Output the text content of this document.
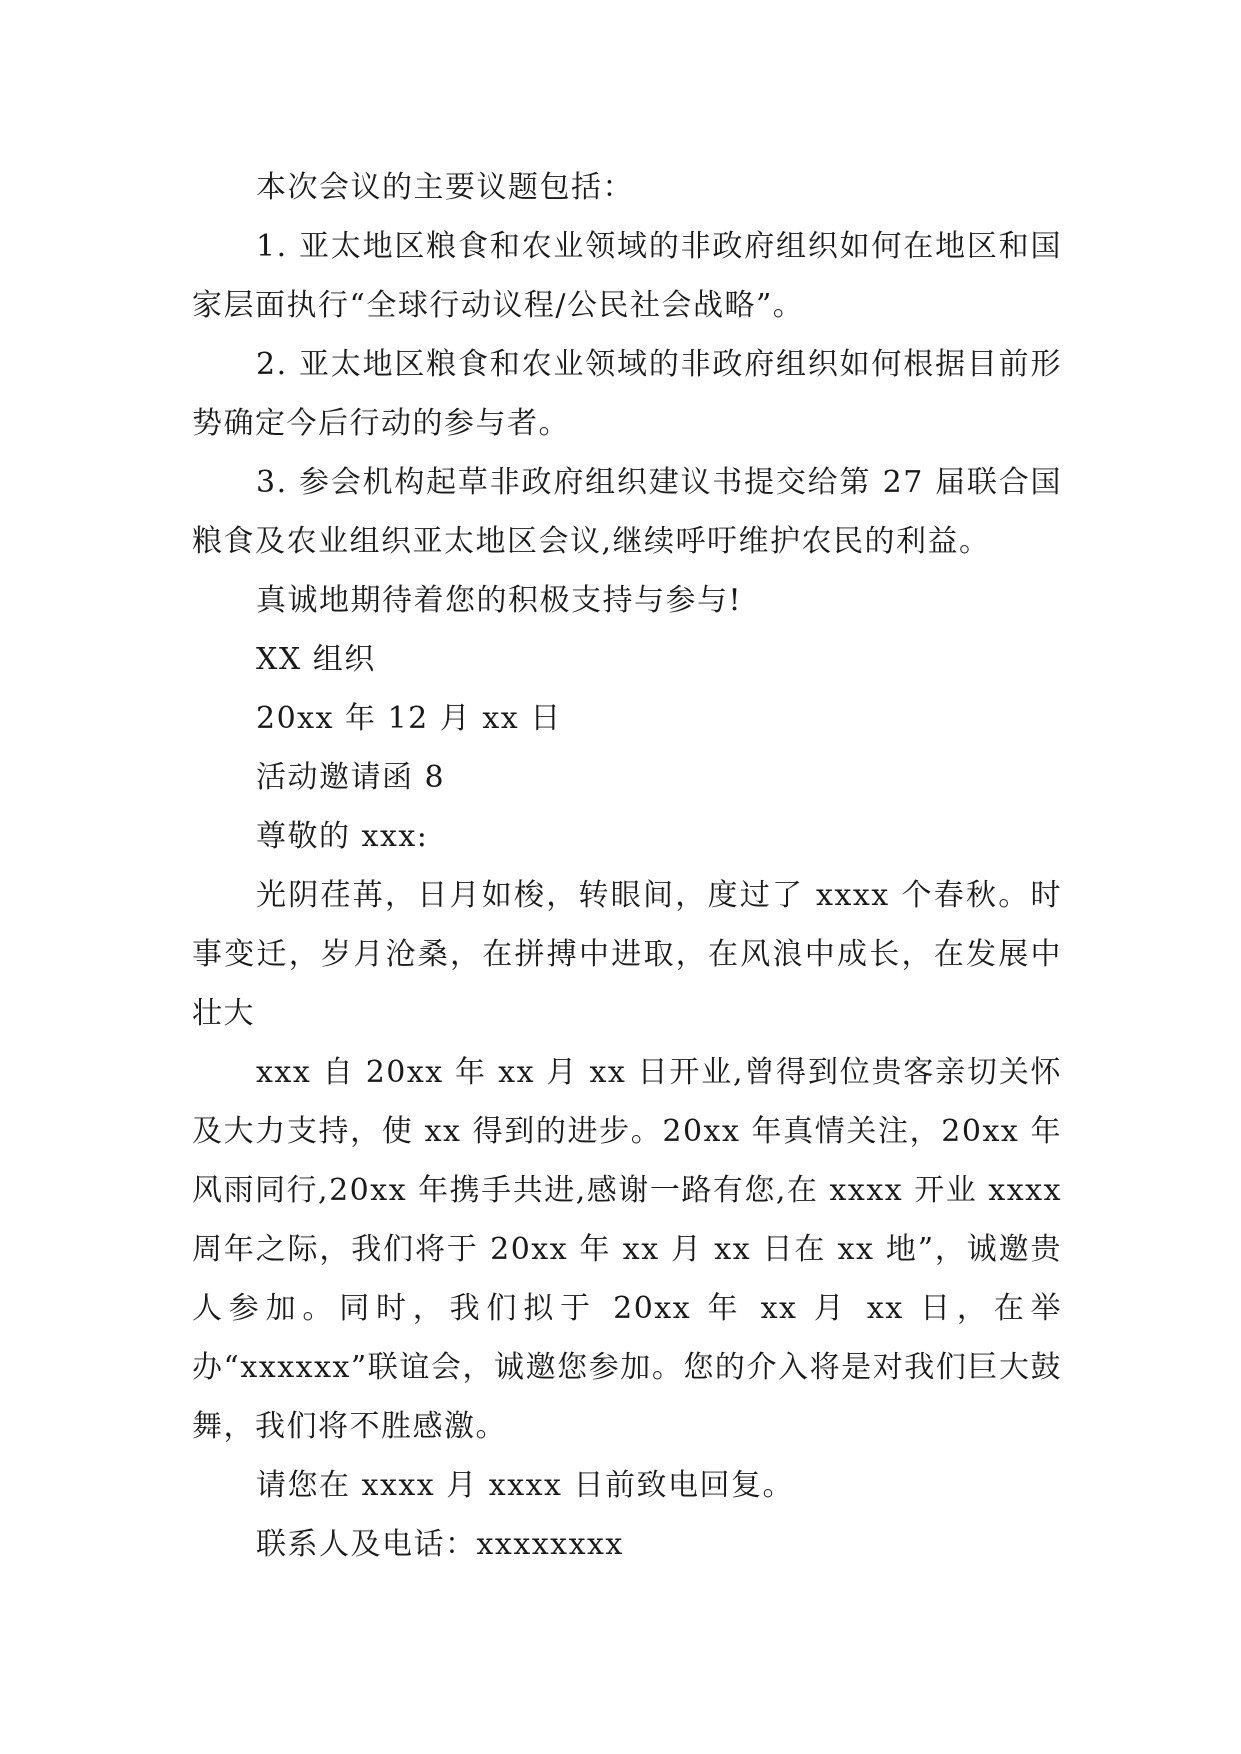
本次会议的主要议题包括：

1. 亚太地区粮食和农业领域的非政府组织如何在地区和国家层面执行“全球行动议程/公民社会战略”。

2. 亚太地区粮食和农业领域的非政府组织如何根据目前形势确定今后行动的参与者。

3. 参会机构起草非政府组织建议书提交给第 27 届联合国粮食及农业组织亚太地区会议,继续呼吁维护农民的利益。

真诚地期待着您的积极支持与参与!

XX 组织

20xx 年 12 月 xx 日

活动邀请函 8

尊敬的 xxx:

光阴荏苒，日月如梭，转眼间，度过了 xxxx 个春秋。时事变迁，岁月沧桑，在拼搏中进取，在风浪中成长，在发展中壮大

xxx 自 20xx 年 xx 月 xx 日开业,曾得到位贵客亲切关怀及大力支持，使 xx 得到的进步。20xx 年真情关注，20xx 年风雨同行,20xx 年携手共进,感谢一路有您,在 xxxx 开业 xxxx 周年之际，我们将于 20xx 年 xx 月 xx 日在 xx 地”，诚邀贵人参加。同时，我们拟于 20xx 年 xx 月 xx 日，在举办“xxxxxx”联谊会，诚邀您参加。您的介入将是对我们巨大鼓舞，我们将不胜感激。

请您在 xxxx 月 xxxx 日前致电回复。

联系人及电话：xxxxxxxx
